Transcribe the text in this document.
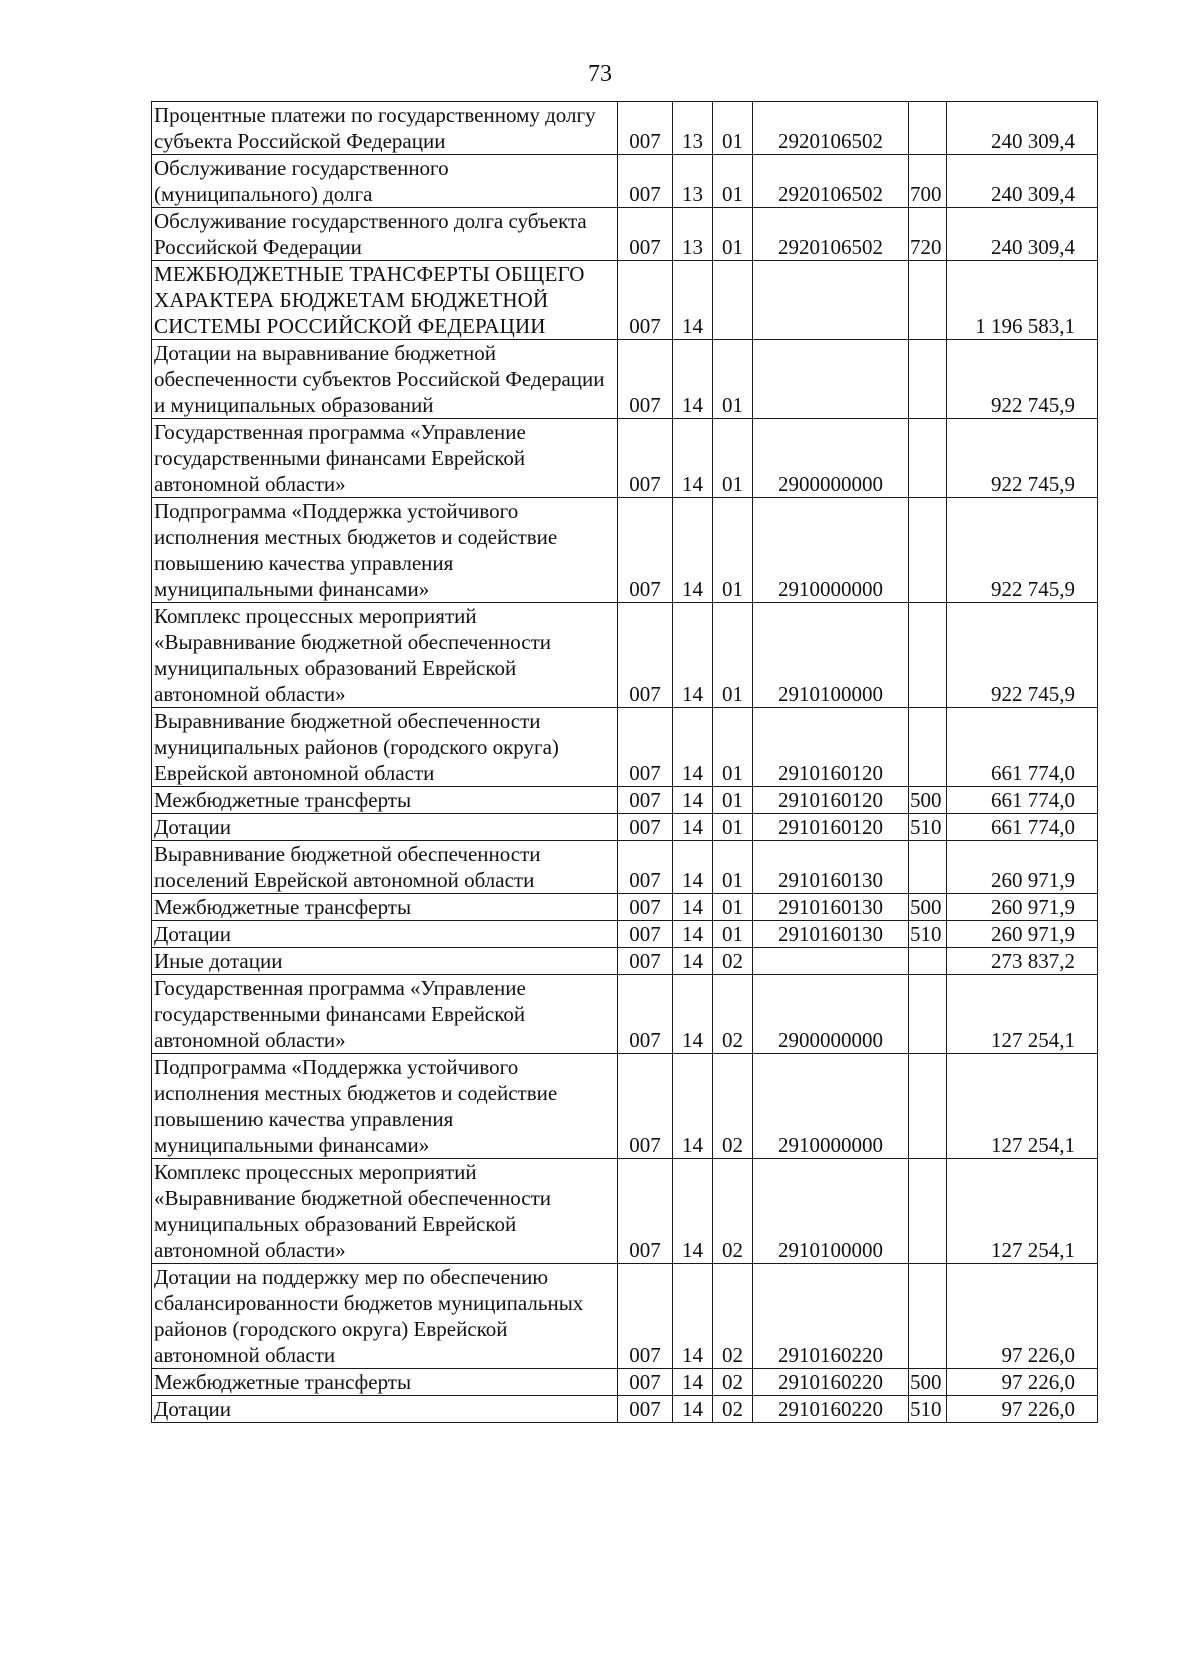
73
Процентные платежи по государственному долгу субъекта Российской Федерации	007	13	01	2920106502		240 309,4
Обслуживание государственного (муниципального) долга	007	13	01	2920106502	700	240 309,4
Обслуживание государственного долга субъекта Российской Федерации	007	13	01	2920106502	720	240 309,4
МЕЖБЮДЖЕТНЫЕ ТРАНСФЕРТЫ ОБЩЕГО ХАРАКТЕРА БЮДЖЕТАМ БЮДЖЕТНОЙ СИСТЕМЫ РОССИЙСКОЙ ФЕДЕРАЦИИ	007	14				1 196 583,1
Дотации на выравнивание бюджетной обеспеченности субъектов Российской Федерации и муниципальных образований	007	14	01			922 745,9
Государственная программа «Управление государственными финансами Еврейской автономной области»	007	14	01	2900000000		922 745,9
Подпрограмма «Поддержка устойчивого исполнения местных бюджетов и содействие повышению качества управления муниципальными финансами»	007	14	01	2910000000		922 745,9
Комплекс процессных мероприятий «Выравнивание бюджетной обеспеченности муниципальных образований Еврейской автономной области»	007	14	01	2910100000		922 745,9
Выравнивание бюджетной обеспеченности муниципальных районов (городского округа) Еврейской автономной области	007	14	01	2910160120		661 774,0
Межбюджетные трансферты	007	14	01	2910160120	500	661 774,0
Дотации	007	14	01	2910160120	510	661 774,0
Выравнивание бюджетной обеспеченности поселений Еврейской автономной области	007	14	01	2910160130		260 971,9
Межбюджетные трансферты	007	14	01	2910160130	500	260 971,9
Дотации	007	14	01	2910160130	510	260 971,9
Иные дотации	007	14	02			273 837,2
Государственная программа «Управление государственными финансами Еврейской автономной области»	007	14	02	2900000000		127 254,1
Подпрограмма «Поддержка устойчивого исполнения местных бюджетов и содействие повышению качества управления муниципальными финансами»	007	14	02	2910000000		127 254,1
Комплекс процессных мероприятий «Выравнивание бюджетной обеспеченности муниципальных образований Еврейской автономной области»	007	14	02	2910100000		127 254,1
Дотации на поддержку мер по обеспечению сбалансированности бюджетов муниципальных районов (городского округа) Еврейской автономной области	007	14	02	2910160220		97 226,0
Межбюджетные трансферты	007	14	02	2910160220	500	97 226,0
Дотации	007	14	02	2910160220	510	97 226,0
